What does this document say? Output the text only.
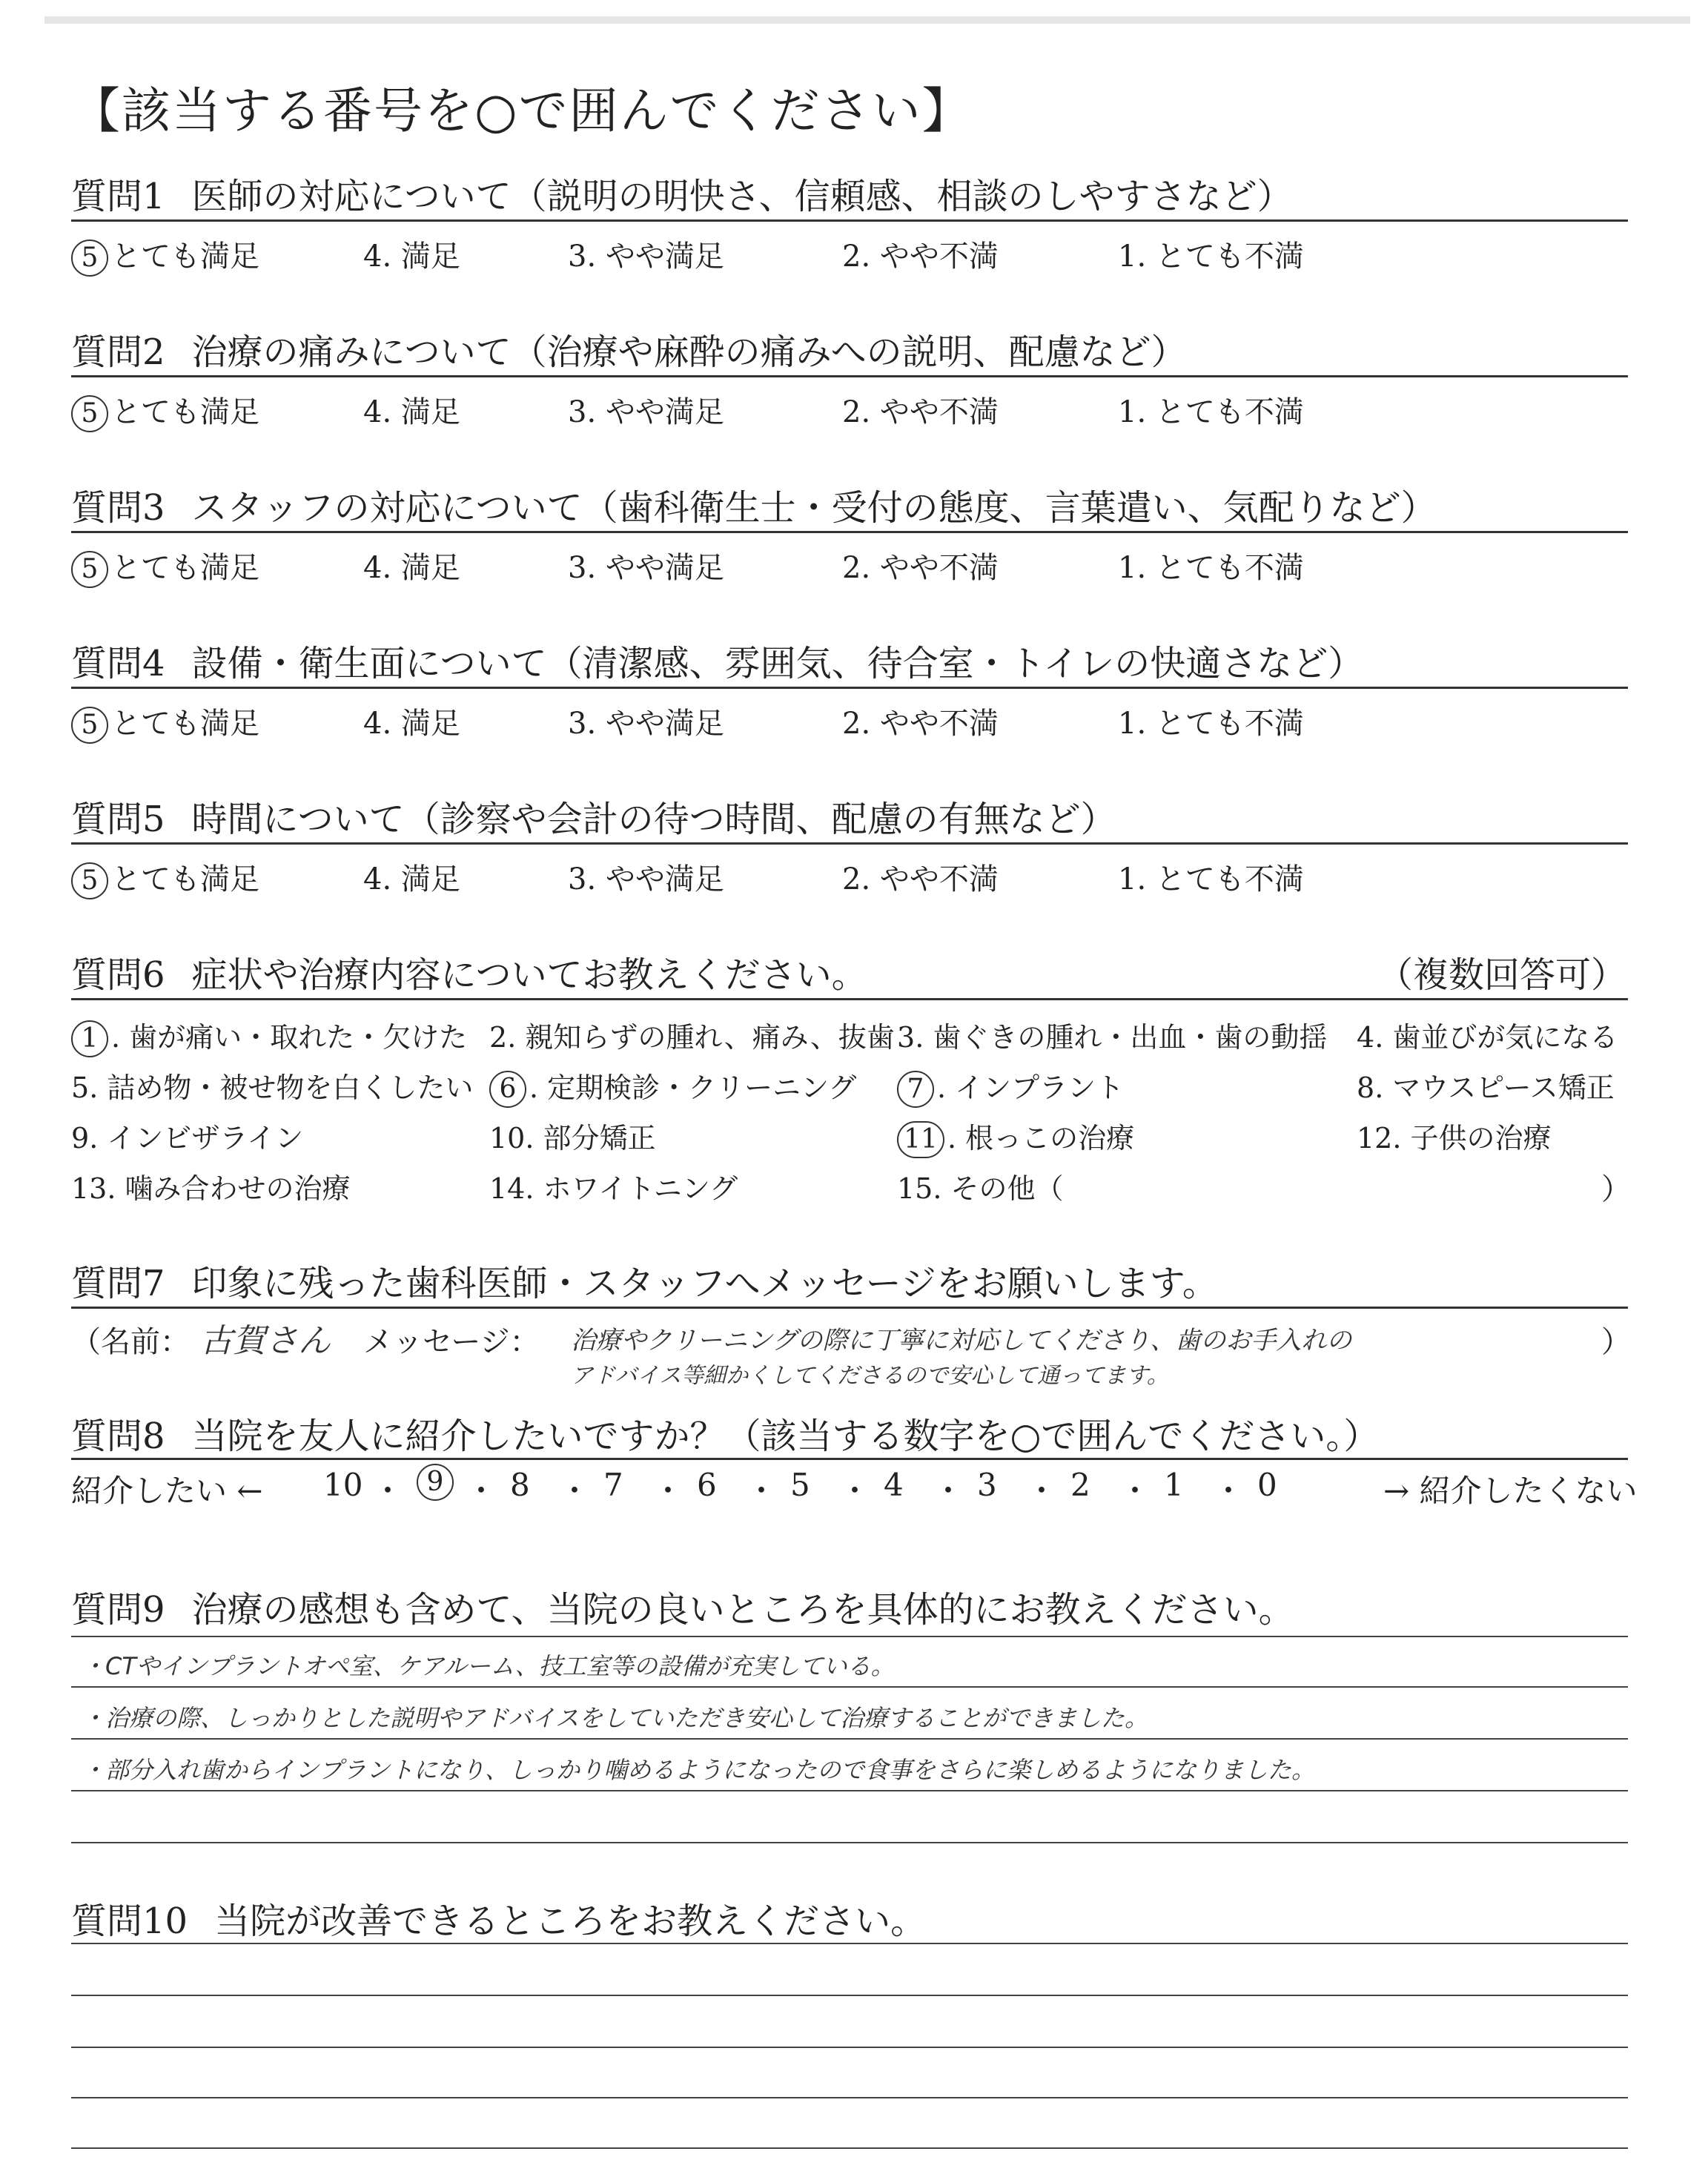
【該当する番号を○で囲んでください】
質問1 医師の対応について（説明の明快さ、信頼感、相談のしやすさなど）
5 とても満足	4. 満足	3. やや満足	2. やや不満	1. とても不満
質問2 治療の痛みについて（治療や麻酔の痛みへの説明、配慮など）
5 とても満足	4. 満足	3. やや満足	2. やや不満	1. とても不満
質問3 スタッフの対応について（歯科衛生士・受付の態度、言葉遣い、気配りなど）
5 とても満足	4. 満足	3. やや満足	2. やや不満	1. とても不満
質問4 設備・衛生面について（清潔感、雰囲気、待合室・トイレの快適さなど）
5 とても満足	4. 満足	3. やや満足	2. やや不満	1. とても不満
質問5 時間について（診察や会計の待つ時間、配慮の有無など）
5 とても満足	4. 満足	3. やや満足	2. やや不満	1. とても不満
質問6 症状や治療内容についてお教えください。	（複数回答可）
1 . 歯が痛い・取れた・欠けた 2. 親知らずの腫れ、痛み、抜歯 3. 歯ぐきの腫れ・出血・歯の動揺 4. 歯並びが気になる
5. 詰め物・被せ物を白くしたい 6 . 定期検診・クリーニング	7 . インプラント	8. マウスピース矯正
9. インビザライン	10. 部分矯正	11 . 根っこの治療	12. 子供の治療
13. 噛み合わせの治療	14. ホワイトニング	15. その他（	）
質問7 印象に残った歯科医師・スタッフへメッセージをお願いします。
（名前： 古賀さん メッセージ： 治療やクリーニングの際に丁寧に対応してくださり、歯のお手入れの
アドバイス等細かくしてくださるので安心して通ってます。
）
質問8 当院を友人に紹介したいですか？（該当する数字を○で囲んでください。）
紹介したい ← 10 ・ 9 ・ 8 ・ 7 ・ 6 ・ 5 ・ 4 ・ 3 ・ 2 ・ 1 ・ 0	→ 紹介したくない
質問9 治療の感想も含めて、当院の良いところを具体的にお教えください。
・CTやインプラントオペ室、ケアルーム、技工室等の設備が充実している。
・治療の際、しっかりとした説明やアドバイスをしていただき安心して治療することができました。
・部分入れ歯からインプラントになり、しっかり噛めるようになったので食事をさらに楽しめるようになりました。
質問10 当院が改善できるところをお教えください。
